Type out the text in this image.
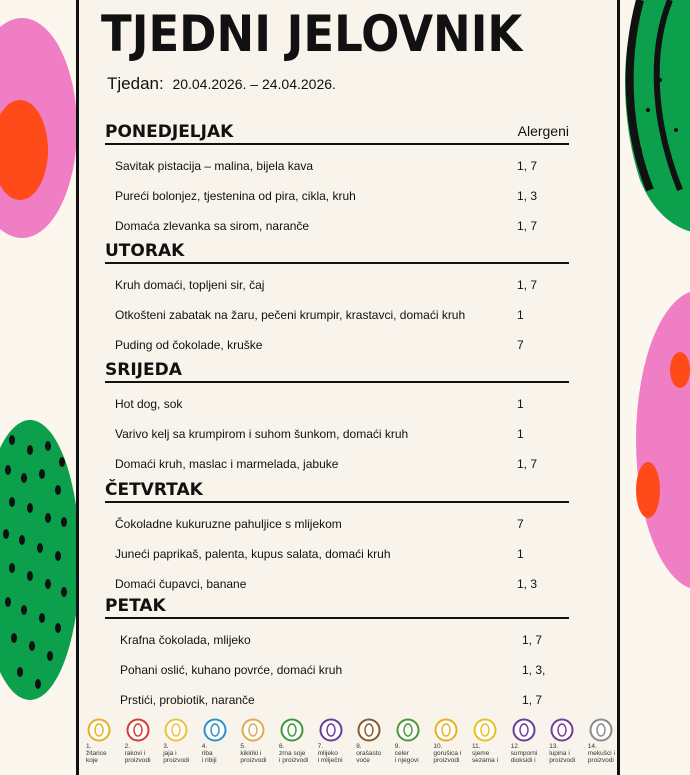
TJEDNI JELOVNIK
Tjedan: 20.04.2026. – 24.04.2026.
PONEDJELJAK	Alergeni
Savitak pistacija – malina, bijela kava	1, 7
Pureći bolonjez, tjestenina od pira, cikla, kruh	1, 3
Domaća zlevanka sa sirom, naranče	1, 7
UTORAK
Kruh domaći, topljeni sir, čaj	1, 7
Otkošteni zabatak na žaru, pečeni krumpir, krastavci, domaći kruh	1
Puding od čokolade, kruške	7
SRIJEDA
Hot dog, sok	1
Varivo kelj sa krumpirom i suhom šunkom, domaći kruh	1
Domaći kruh, maslac i marmelada, jabuke	1, 7
ČETVRTAK
Čokoladne kukuruzne pahuljice s mlijekom	7
Juneći paprikaš, palenta, kupus salata, domaći kruh	1
Domaći čupavci, banane	1, 3
PETAK
Krafna čokolada, mlijeko	1, 7
Pohani oslić, kuhano povrće, domaći kruh	1, 3,
Prstići, probiotik, naranče	1, 7
1.
žitarice
koje
2.
rakovi i
proizvodi
3.
jaja i
proizvodi
4.
riba
i ribiji
5.
kikiriki i
proizvodi
6.
zrna soje
i proizvodi
7.
mlijeko
i mliječni
8.
orašasto
voće
9.
celer
i njegovi
10.
gorušica i
proizvodi
11.
sjeme
sezama i
12.
sumporni
dioksidi i
13.
lupina i
proizvodi
14.
mekušci i
proizvodi
